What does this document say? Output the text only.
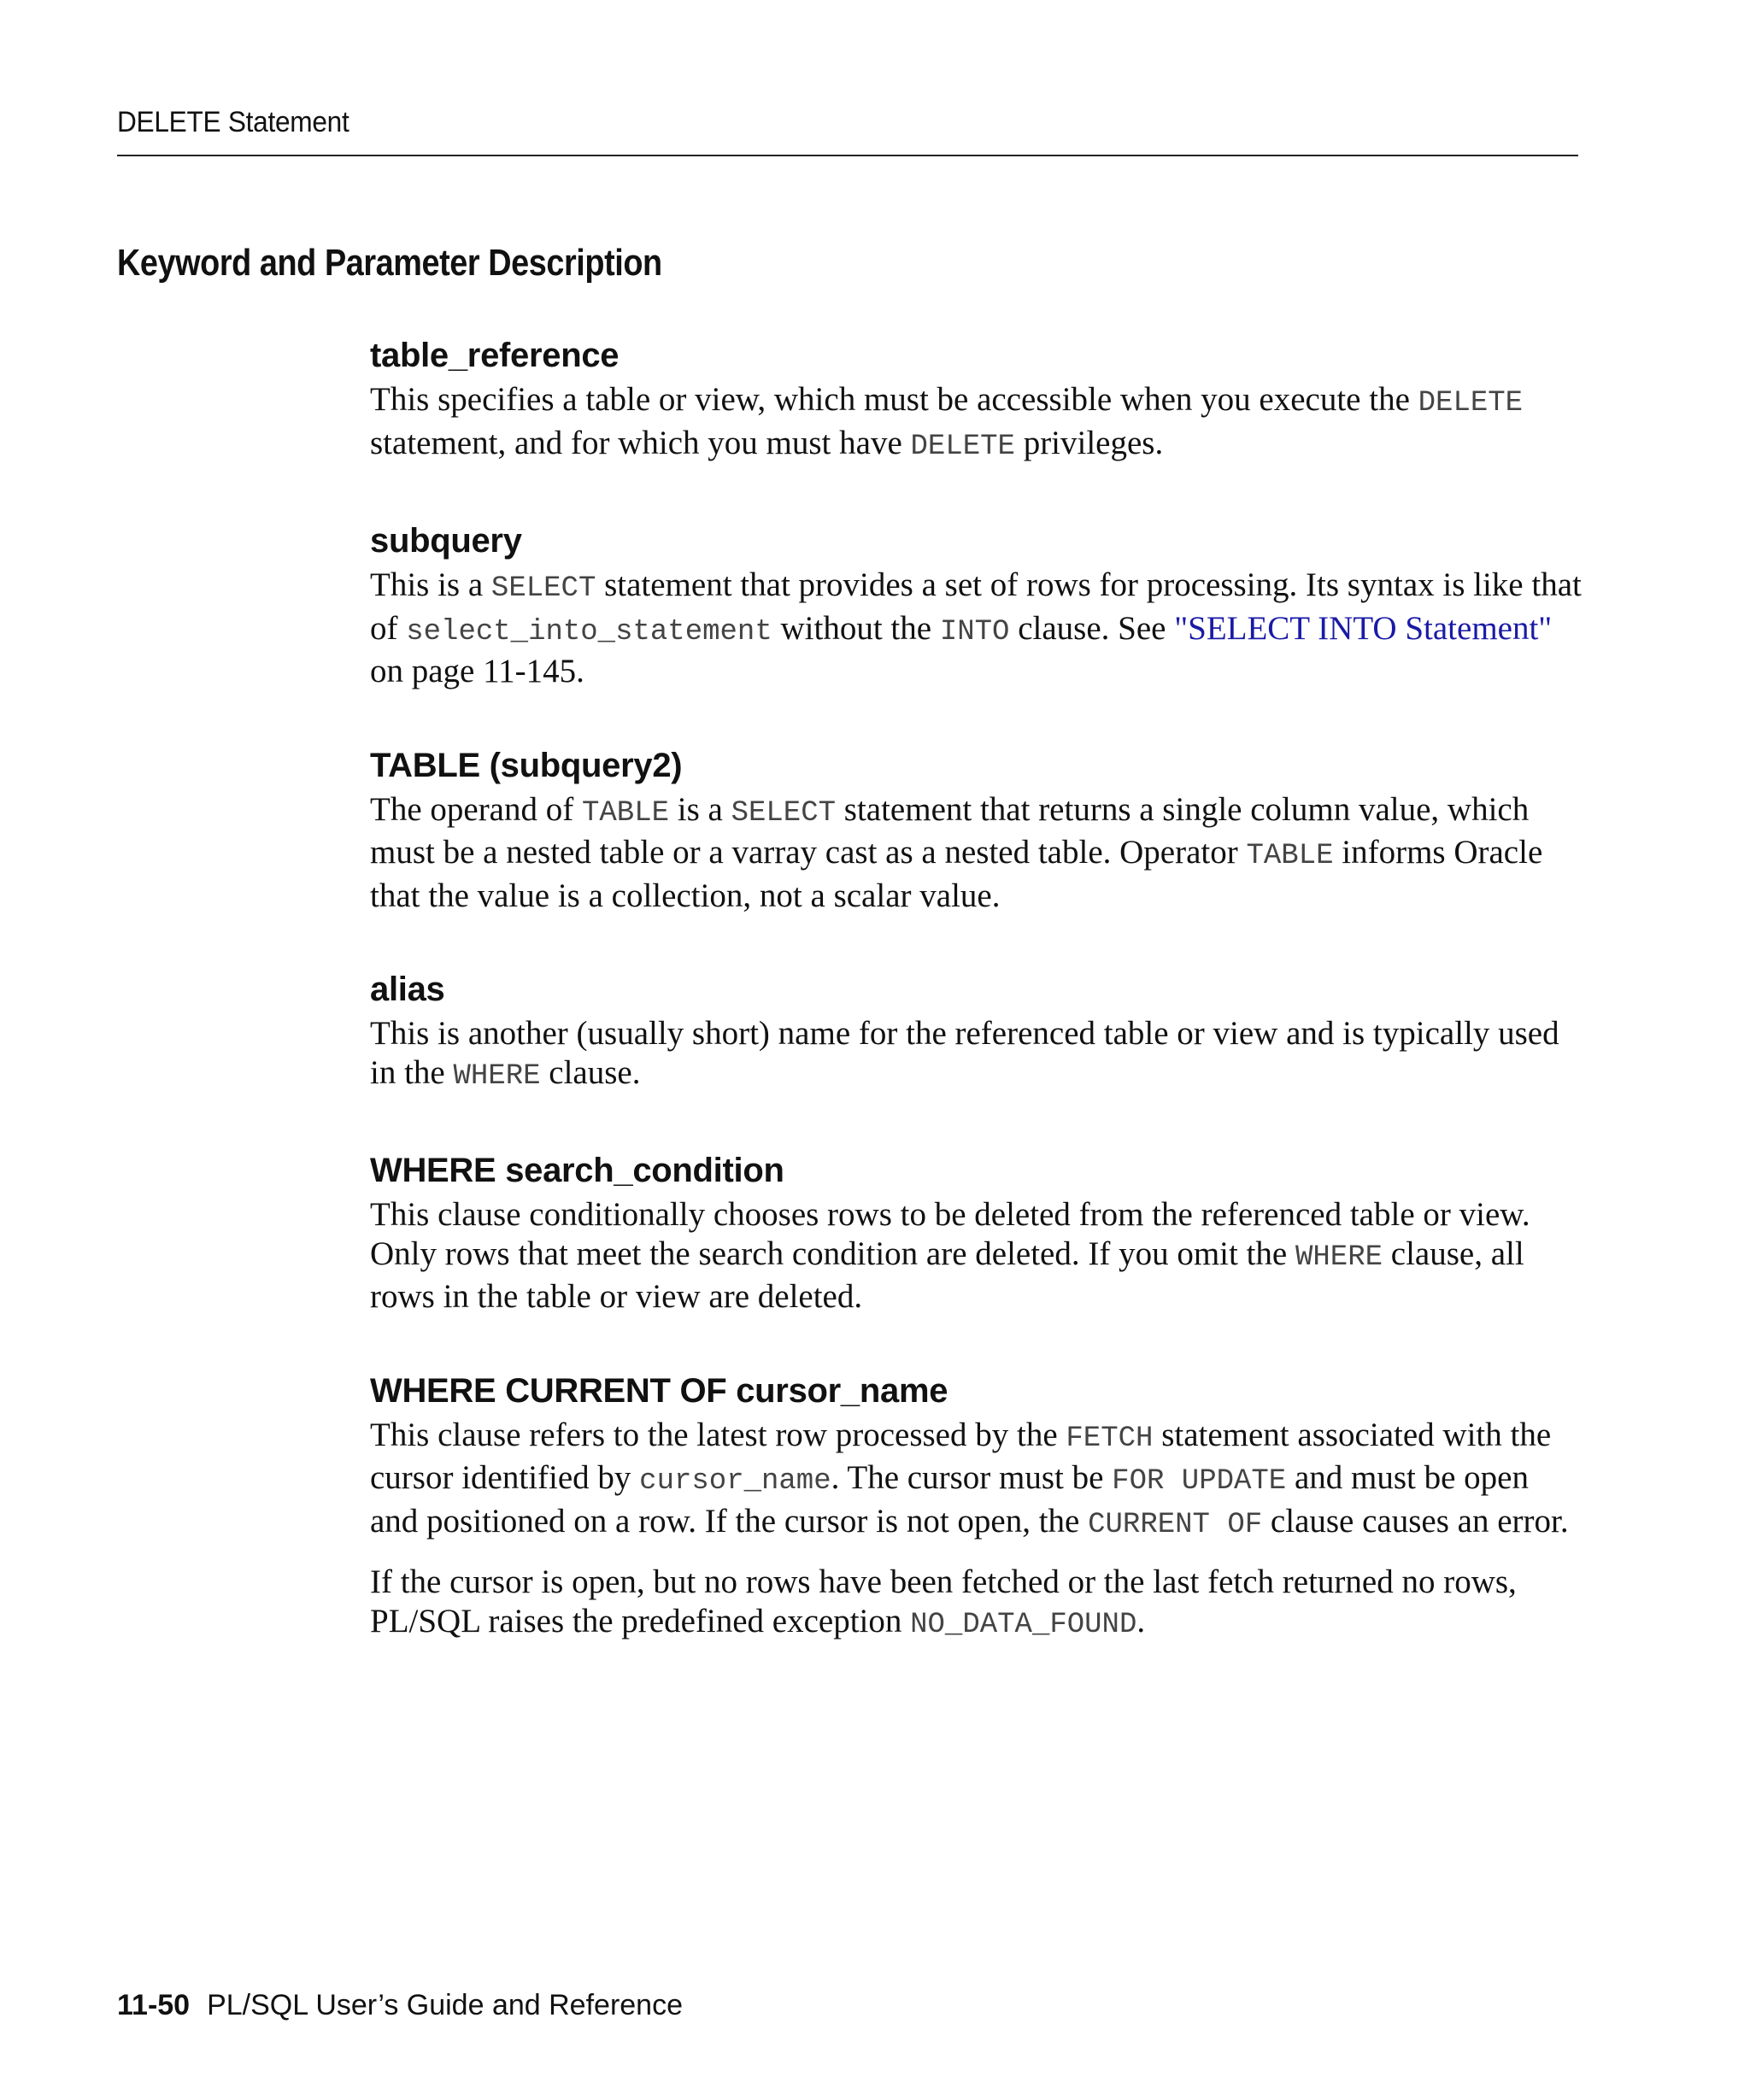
DELETE Statement
Keyword and Parameter Description
table_reference

This specifies a table or view, which must be accessible when you execute the DELETE statement, and for which you must have DELETE privileges.

subquery

This is a SELECT statement that provides a set of rows for processing. Its syntax is like that of select_into_statement without the INTO clause. See "SELECT INTO Statement" on page 11-145.

TABLE (subquery2)

The operand of TABLE is a SELECT statement that returns a single column value, which must be a nested table or a varray cast as a nested table. Operator TABLE informs Oracle that the value is a collection, not a scalar value.

alias

This is another (usually short) name for the referenced table or view and is typically used in the WHERE clause.

WHERE search_condition

This clause conditionally chooses rows to be deleted from the referenced table or view. Only rows that meet the search condition are deleted. If you omit the WHERE clause, all rows in the table or view are deleted.

WHERE CURRENT OF cursor_name

This clause refers to the latest row processed by the FETCH statement associated with the cursor identified by cursor_name. The cursor must be FOR UPDATE and must be open and positioned on a row. If the cursor is not open, the CURRENT OF clause causes an error.

If the cursor is open, but no rows have been fetched or the last fetch returned no rows, PL/SQL raises the predefined exception NO_DATA_FOUND.

11-50 PL/SQL User’s Guide and Reference
